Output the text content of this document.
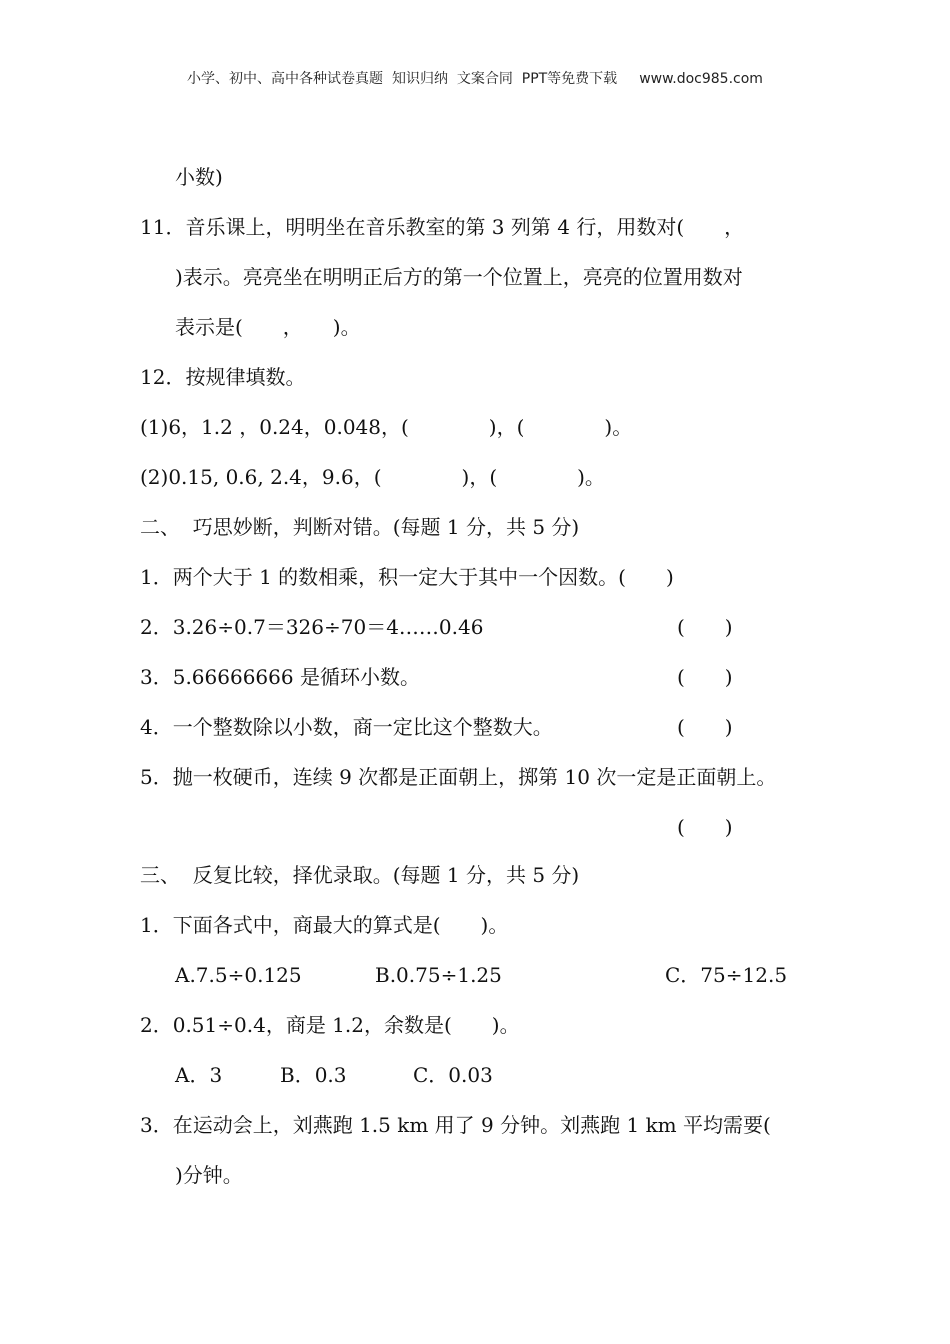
小学、初中、高中各种试卷真题  知识归纳  文案合同  PPT等免费下载 www.doc985.com
小数)
11．音乐课上，明明坐在音乐教室的第 3 列第 4 行，用数对(　　，
)表示。亮亮坐在明明正后方的第一个位置上，亮亮的位置用数对
表示是(　　，　　)。
12．按规律填数。
(1)6，1.2 ，0.24，0.048，(　　　　)，(　　　　)。
(2)0.15, 0.6, 2.4，9.6，(　　　　)，(　　　　)。
二、  巧思妙断，判断对错。(每题 1 分，共 5 分)
1．两个大于 1 的数相乘，积一定大于其中一个因数。(　　)
2．3.26÷0.7＝326÷70＝4……0.46	(　　)
3．5.66666666 是循环小数。	(　　)
4．一个整数除以小数，商一定比这个整数大。	(　　)
5．抛一枚硬币，连续 9 次都是正面朝上，掷第 10 次一定是正面朝上。
(　　)
三、  反复比较，择优录取。(每题 1 分，共 5 分)
1．下面各式中，商最大的算式是(　　)。
A.7.5÷0.125	B.0.75÷1.25	C．75÷12.5
2．0.51÷0.4，商是 1.2，余数是(　　)。
A．3	B．0.3	C．0.03
3．在运动会上，刘燕跑 1.5 km 用了 9 分钟。刘燕跑 1 km 平均需要(
)分钟。
